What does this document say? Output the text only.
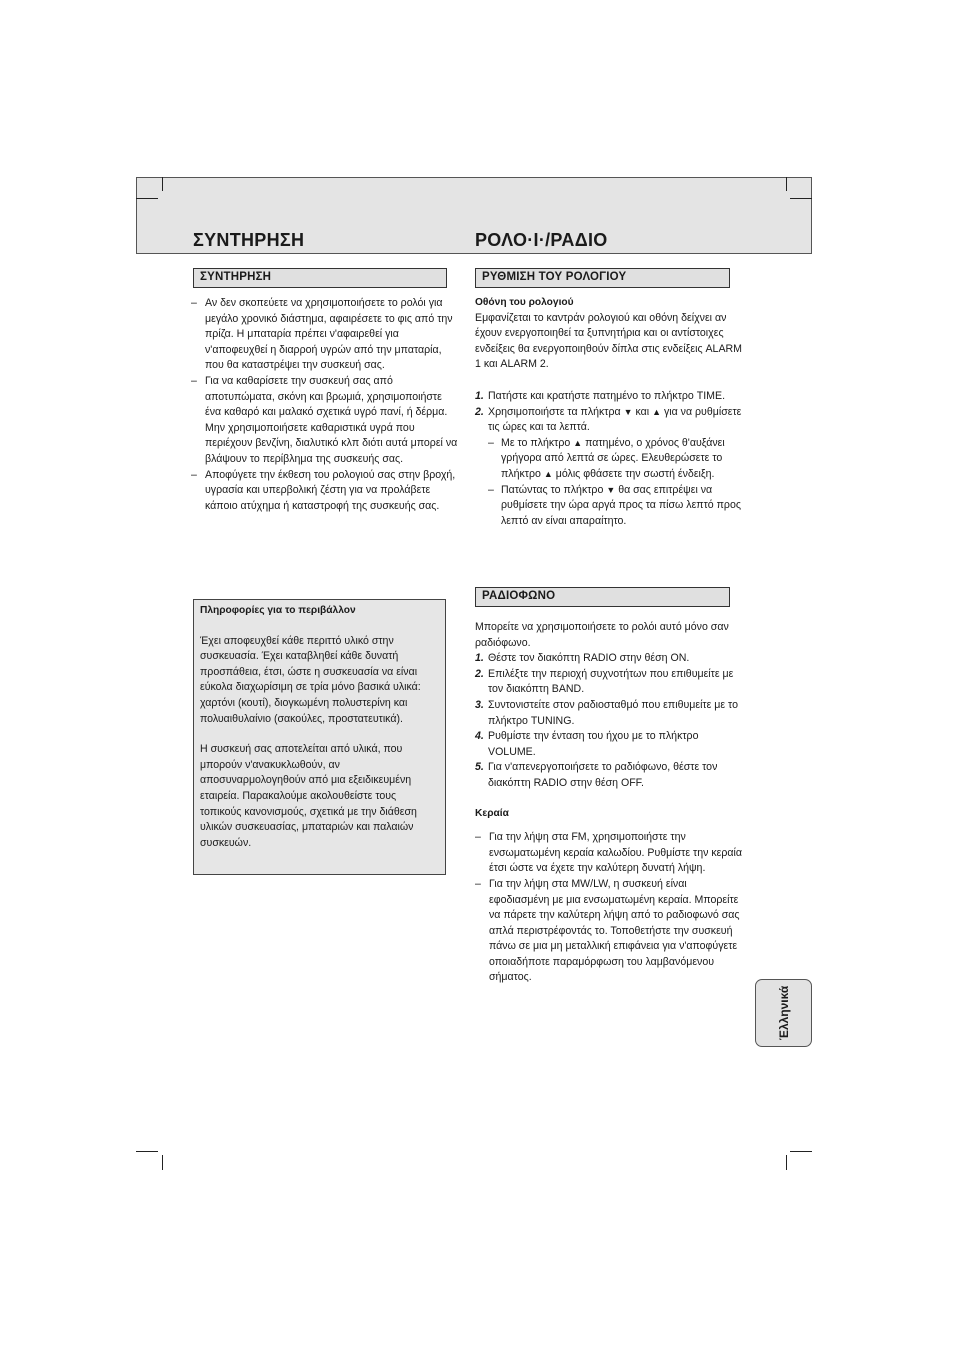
ΣΥΝΤΗΡΗΣΗ	ΡΟΛΟ·Ι·/ΡΑΔΙΟ
ΣΥΝΤΗΡΗΣΗ
– Αν δεν σκοπεύετε να χρησιμοποιήσετε το ρολόι για μεγάλο χρονικό διάστημα, αφαιρέσετε το φις από την πρίζα. Η μπαταρία πρέπει ν'αφαιρεθεί για ν'αποφευχθεί η διαρροή υγρών από την μπαταρία, που θα καταστρέψει την συσκευή σας.
– Για να καθαρίσετε την συσκευή σας από αποτυπώματα, σκόνη και βρωμιά, χρησιμοποιήστε ένα καθαρό και μαλακό σχετικά υγρό πανί, ή δέρμα. Μην χρησιμοποιήσετε καθαριστικά υγρά που περιέχουν βενζίνη, διαλυτικό κλπ διότι αυτά μπορεί να βλάψουν το περίβλημα της συσκευής σας.
– Αποφύγετε την έκθεση του ρολογιού σας στην βροχή, υγρασία και υπερβολική ζέστη για να προλάβετε κάποιο ατύχημα ή καταστροφή της συσκευής σας.
Πληροφορίες για το περιβάλλον
Έχει αποφευχθεί κάθε περιττό υλικό στην συσκευασία. Έχει καταβληθεί κάθε δυνατή προσπάθεια, έτσι, ώστε η συσκευασία να είναι εύκολα διαχωρίσιμη σε τρία μόνο βασικά υλικά: χαρτόνι (κουτί), διογκωμένη πολυστερίνη και πολυαιθυλαίνιο (σακούλες, προστατευτικά).
Η συσκευή σας αποτελείται από υλικά, που μπορούν ν'ανακυκλωθούν, αν αποσυναρμολογηθούν από μια εξειδικευμένη εταιρεία. Παρακαλούμε ακολουθείστε τους τοπικούς κανονισμούς, σχετικά με την διάθεση υλικών συσκευασίας, μπαταριών και παλαιών συσκευών.
ΡΥΘΜΙΣΗ ΤΟΥ ΡΟΛΟΓΙΟΥ
Οθόνη του ρολογιού
Εμφανίζεται το καντράν ρολογιού και οθόνη δείχνει αν έχουν ενεργοποιηθεί τα ξυπνητήρια και οι αντίστοιχες ενδείξεις θα ενεργοποιηθούν δίπλα στις ενδείξεις ALARM 1 και ALARM 2.
1. Πατήστε και κρατήστε πατημένο το πλήκτρο TIME.
2. Χρησιμοποιήστε τα πλήκτρα ▼ και ▲ για να ρυθμίσετε τις ώρες και τα λεπτά.
– Με το πλήκτρο ▲ πατημένο, ο χρόνος θ'αυξάνει γρήγορα από λεπτά σε ώρες. Ελευθερώσετε το πλήκτρο ▲ μόλις φθάσετε την σωστή ένδειξη.
– Πατώντας το πλήκτρο ▼ θα σας επιτρέψει να ρυθμίσετε την ώρα αργά προς τα πίσω λεπτό προς λεπτό αν είναι απαραίτητο.
ΡΑΔΙΟΦΩΝΟ
Μπορείτε να χρησιμοποιήσετε το ρολόι αυτό μόνο σαν ραδιόφωνο.
1. Θέστε τον διακόπτη RADIO στην θέση ON.
2. Επιλέξτε την περιοχή συχνοτήτων που επιθυμείτε με τον διακόπτη BAND.
3. Συντονιστείτε στον ραδιοσταθμό που επιθυμείτε με το πλήκτρο TUNING.
4. Ρυθμίστε την ένταση του ήχου με το πλήκτρο VOLUME.
5. Για ν'απενεργοποιήσετε το ραδιόφωνο, θέστε τον διακόπτη RADIO στην θέση OFF.
Κεραία
– Για την λήψη στα FM, χρησιμοποιήστε την ενσωματωμένη κεραία καλωδίου. Ρυθμίστε την κεραία έτσι ώστε να έχετε την καλύτερη δυνατή λήψη.
– Για την λήψη στα MW/LW, η συσκευή είναι εφοδιασμένη με μια ενσωματωμένη κεραία. Μπορείτε να πάρετε την καλύτερη λήψη από το ραδιοφωνό σας απλά περιστρέφοντάς το. Τοποθετήστε την συσκευή πάνω σε μια μη μεταλλική επιφάνεια για ν'αποφύγετε οποιαδήποτε παραμόρφωση του λαμβανόμενου σήματος.
Έλληνικά
